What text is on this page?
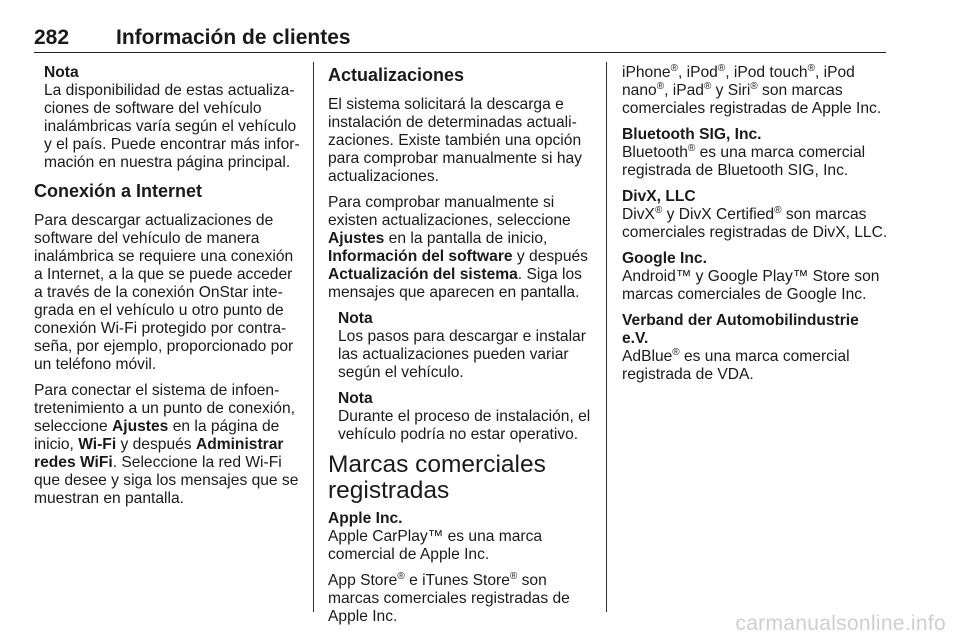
282 Información de clientes
Nota
La disponibilidad de estas actualiza-
ciones de software del vehículo
inalámbricas varía según el vehículo
y el país. Puede encontrar más infor-
mación en nuestra página principal.
Conexión a Internet

Para descargar actualizaciones de software del vehículo de manera inalámbrica se requiere una conexión a Internet, a la que se puede acceder a través de la conexión OnStar inte- grada en el vehículo u otro punto de conexión Wi-Fi protegido por contra- seña, por ejemplo, proporcionado por un teléfono móvil.

Para conectar el sistema de infoen- tretenimiento a un punto de conexión, seleccione Ajustes en la página de inicio, Wi-Fi y después Administrar redes WiFi. Seleccione la red Wi-Fi que desee y siga los mensajes que se muestran en pantalla.

Actualizaciones

El sistema solicitará la descarga e instalación de determinadas actuali- zaciones. Existe también una opción para comprobar manualmente si hay actualizaciones.

Para comprobar manualmente si existen actualizaciones, seleccione Ajustes en la pantalla de inicio, Información del software y después Actualización del sistema. Siga los mensajes que aparecen en pantalla.

Nota
Los pasos para descargar e instalar las actualizaciones pueden variar según el vehículo.
Nota
Durante el proceso de instalación, el vehículo podría no estar operativo.
Marcas comerciales
registradas

Apple Inc.
Apple CarPlay™ es una marca comercial de Apple Inc.

App Store® e iTunes Store® son marcas comerciales registradas de Apple Inc.

iPhone®, iPod®, iPod touch®, iPod nano®, iPad® y Siri® son marcas comerciales registradas de Apple Inc.

Bluetooth SIG, Inc.
Bluetooth® es una marca comercial registrada de Bluetooth SIG, Inc.

DivX, LLC
DivX® y DivX Certified® son marcas comerciales registradas de DivX, LLC.

Google Inc.
Android™ y Google Play™ Store son marcas comerciales de Google Inc.

Verband der Automobilindustrie e.V.
AdBlue® es una marca comercial registrada de VDA.

carmanualsonline.info
